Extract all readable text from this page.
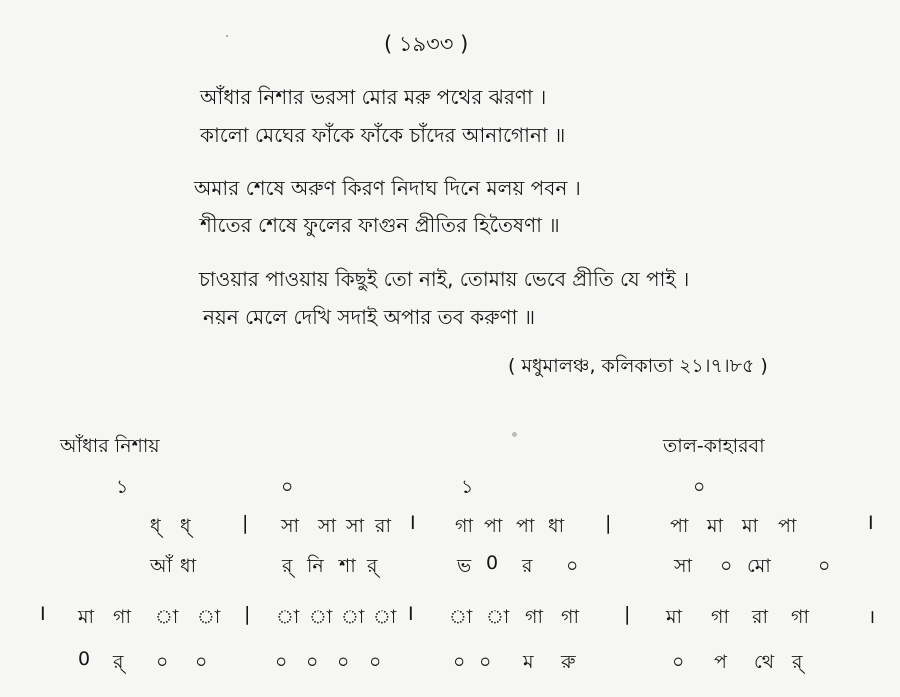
( ১৯৩৩ )
আঁধার নিশার ভরসা মোর মরু পথের ঝরণা ।
কালো মেঘের ফাঁকে ফাঁকে চাঁদের আনাগোনা ॥
অমার শেষে অরুণ কিরণ নিদাঘ দিনে মলয় পবন ।
শীতের শেষে ফুলের ফাগুন প্রীতির হিতৈষণা ॥
চাওয়ার পাওয়ায় কিছুই তো নাই, তোমায় ভেবে প্রীতি যে পাই ।
নয়ন মেলে দেখি সদাই অপার তব করুণা ॥
( মধুমালঞ্চ, কলিকাতা ২১।৭।৮৫ )
আঁধার নিশায়	তাল-কাহারবা
১	০	১	০
ধ্ ধ্	| সা সা সা রা I গা পা পা ধা |	পা মা মা পা	I
আঁ ধা	র্ নি শা র্	ভ 0 র ০	সা ০ মো ০
I মা গা া া | া া া া I া া গা গা | মা গা রা গা	।
0 র্ ০ ০	০ ০ ০ ০	০ ০ ম রু	০ প থে র্
